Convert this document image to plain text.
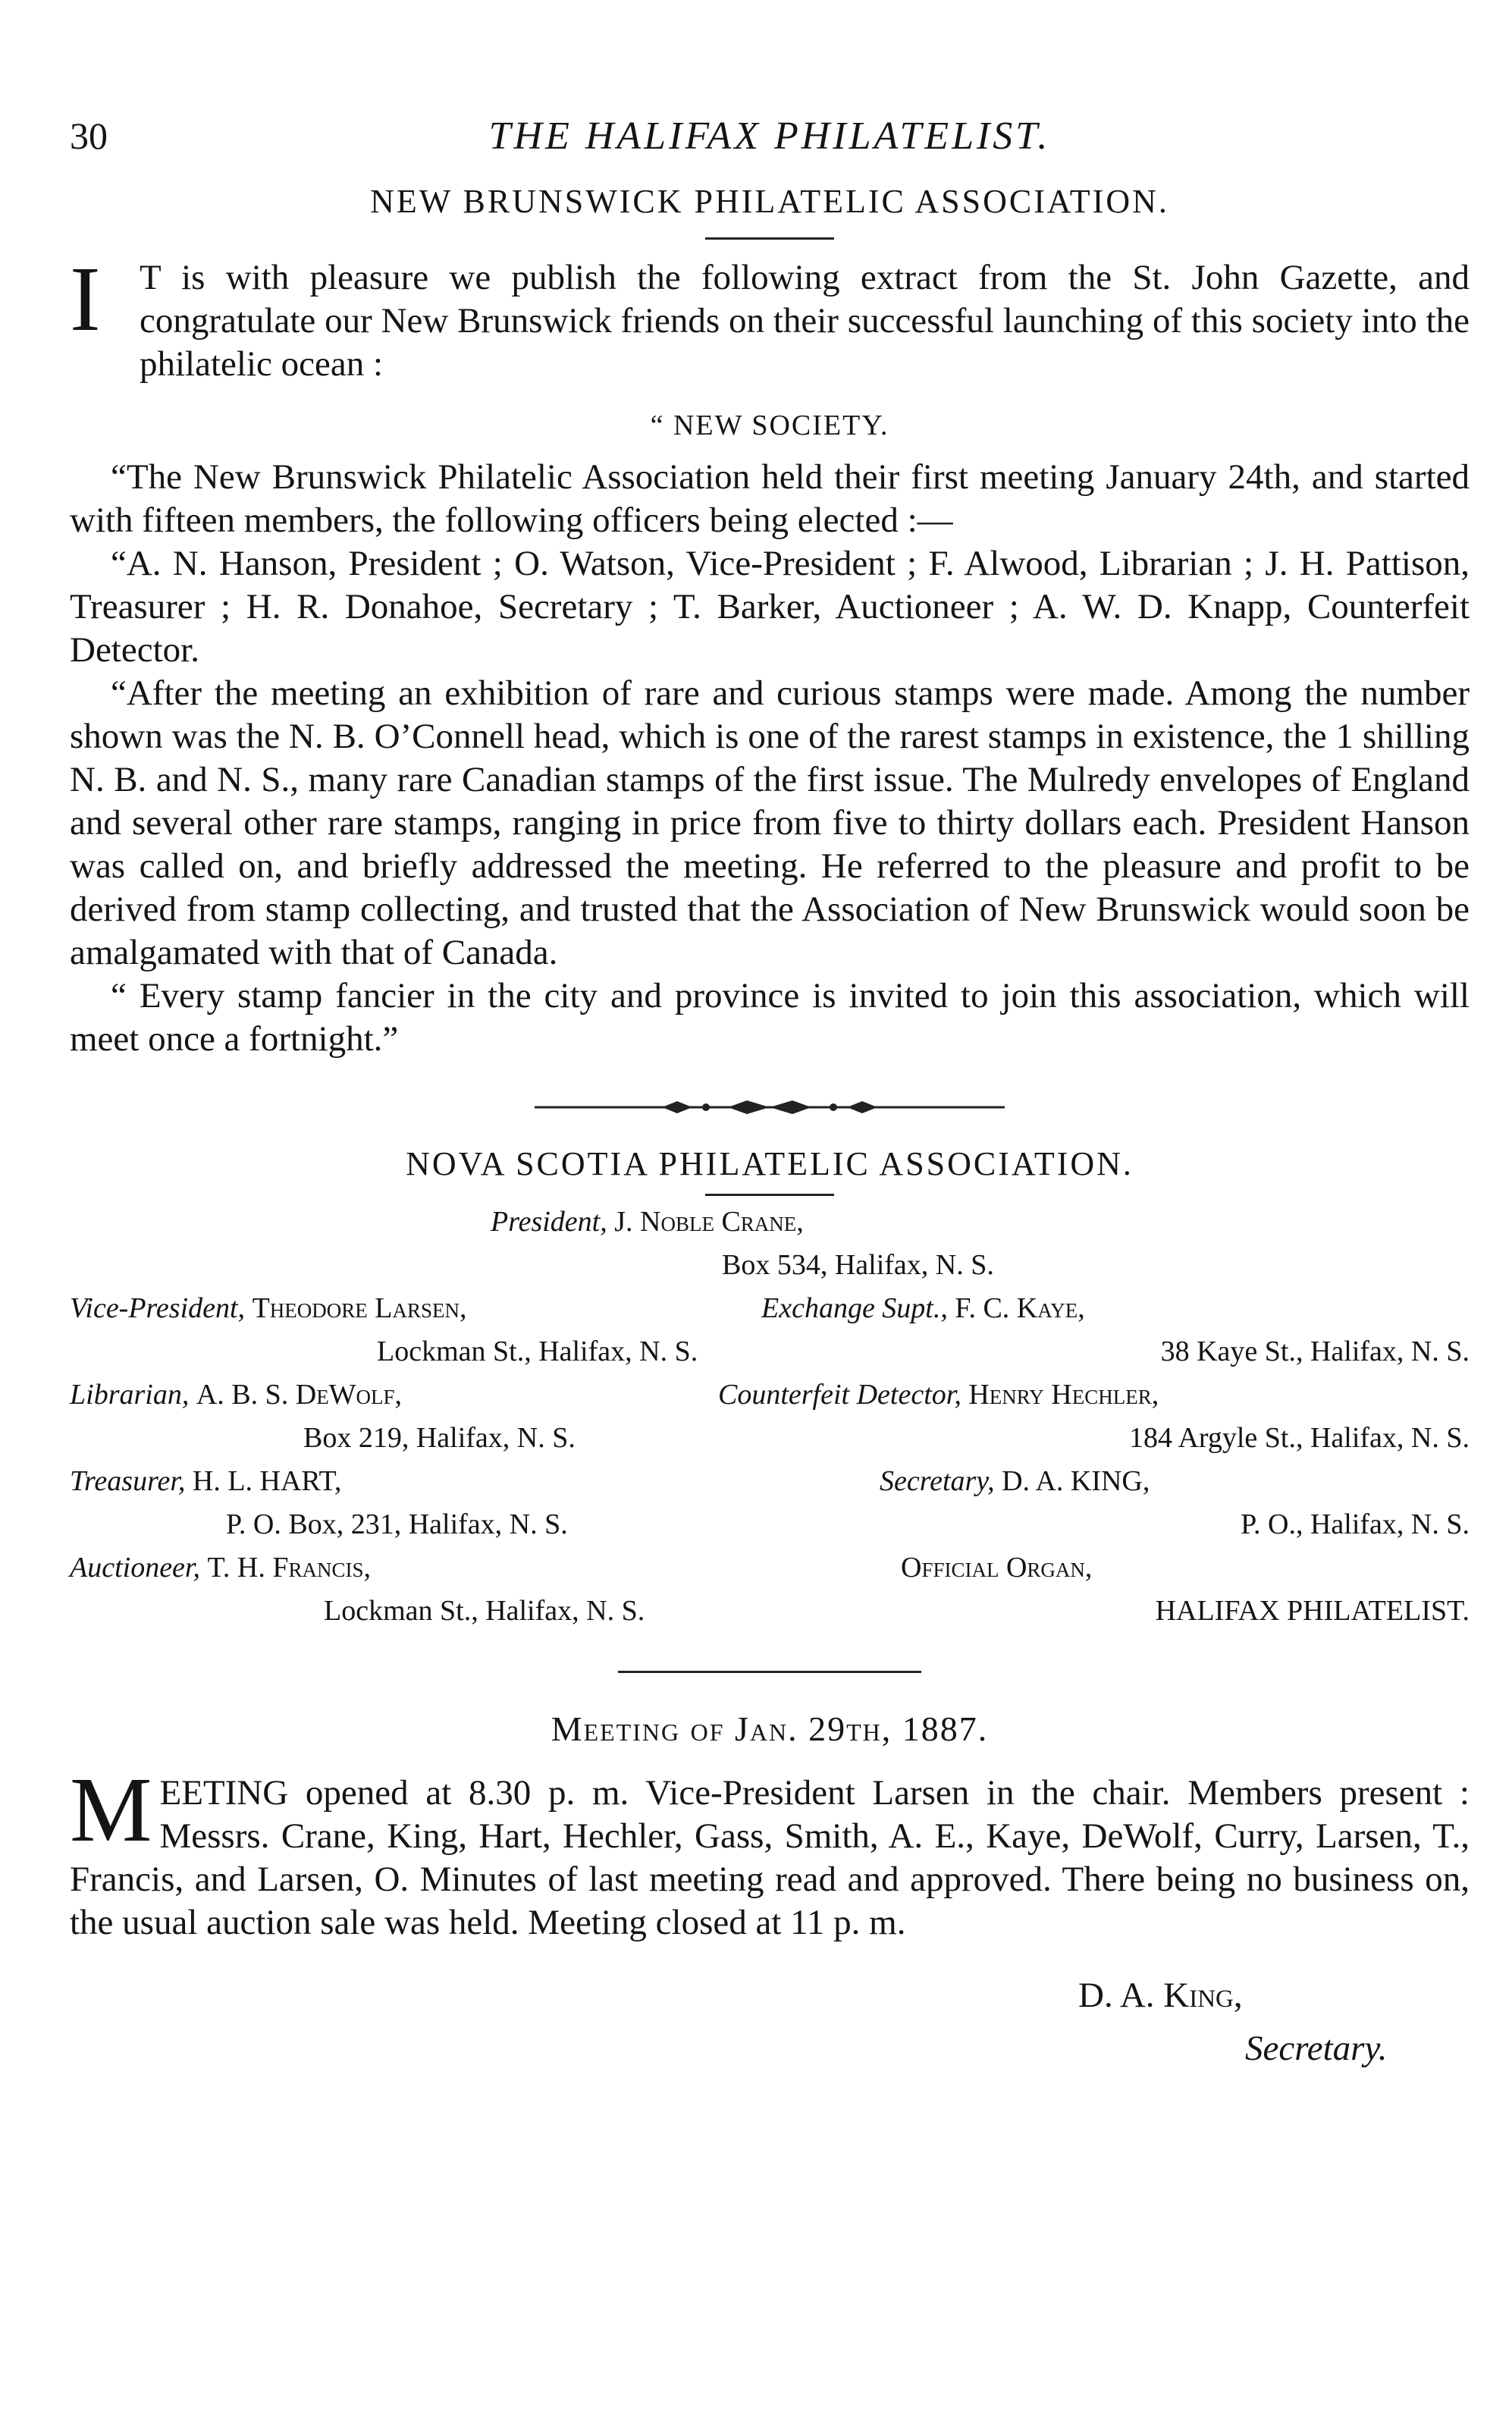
30	THE HALIFAX PHILATELIST.
NEW BRUNSWICK PHILATELIC ASSOCIATION.
I T is with pleasure we publish the following extract from the St. John Gazette, and congratulate our New Brunswick friends on their successful launching of this society into the philatelic ocean :

“ NEW SOCIETY.

“The New Brunswick Philatelic Association held their first meeting January 24th, and started with fifteen members, the following officers being elected :—

“A. N. Hanson, President ; O. Watson, Vice-President ; F. Alwood, Librarian ; J. H. Pattison, Treasurer ; H. R. Donahoe, Secretary ; T. Barker, Auctioneer ; A. W. D. Knapp, Counterfeit Detector.

“After the meeting an exhibition of rare and curious stamps were made. Among the number shown was the N. B. O’Connell head, which is one of the rarest stamps in existence, the 1 shilling N. B. and N. S., many rare Canadian stamps of the first issue. The Mulredy envelopes of England and several other rare stamps, ranging in price from five to thirty dollars each. President Hanson was called on, and briefly addressed the meeting. He referred to the pleasure and profit to be derived from stamp collecting, and trusted that the Association of New Brunswick would soon be amalgamated with that of Canada.

“ Every stamp fancier in the city and province is invited to join this association, which will meet once a fortnight.”

NOVA SCOTIA PHILATELIC ASSOCIATION.
President, J. Noble Crane,
Box 534, Halifax, N. S.
Vice-President, Theodore Larsen,	Exchange Supt., F. C. Kaye,
Lockman St., Halifax, N. S.	38 Kaye St., Halifax, N. S.
Librarian, A. B. S. DeWolf,	Counterfeit Detector, Henry Hechler,
Box 219, Halifax, N. S.	184 Argyle St., Halifax, N. S.
Treasurer, H. L. HART,	Secretary, D. A. KING,
P. O. Box, 231, Halifax, N. S.	P. O., Halifax, N. S.
Auctioneer, T. H. Francis,	Official Organ,
Lockman St., Halifax, N. S.	HALIFAX PHILATELIST.
Meeting of Jan. 29th, 1887.
M EETING opened at 8.30 p. m. Vice-President Larsen in the chair. Members present : Messrs. Crane, King, Hart, Hechler, Gass, Smith, A. E., Kaye, DeWolf, Curry, Larsen, T., Francis, and Larsen, O. Minutes of last meeting read and approved. There being no business on, the usual auction sale was held. Meeting closed at 11 p. m.

D. A. King,
Secretary.
